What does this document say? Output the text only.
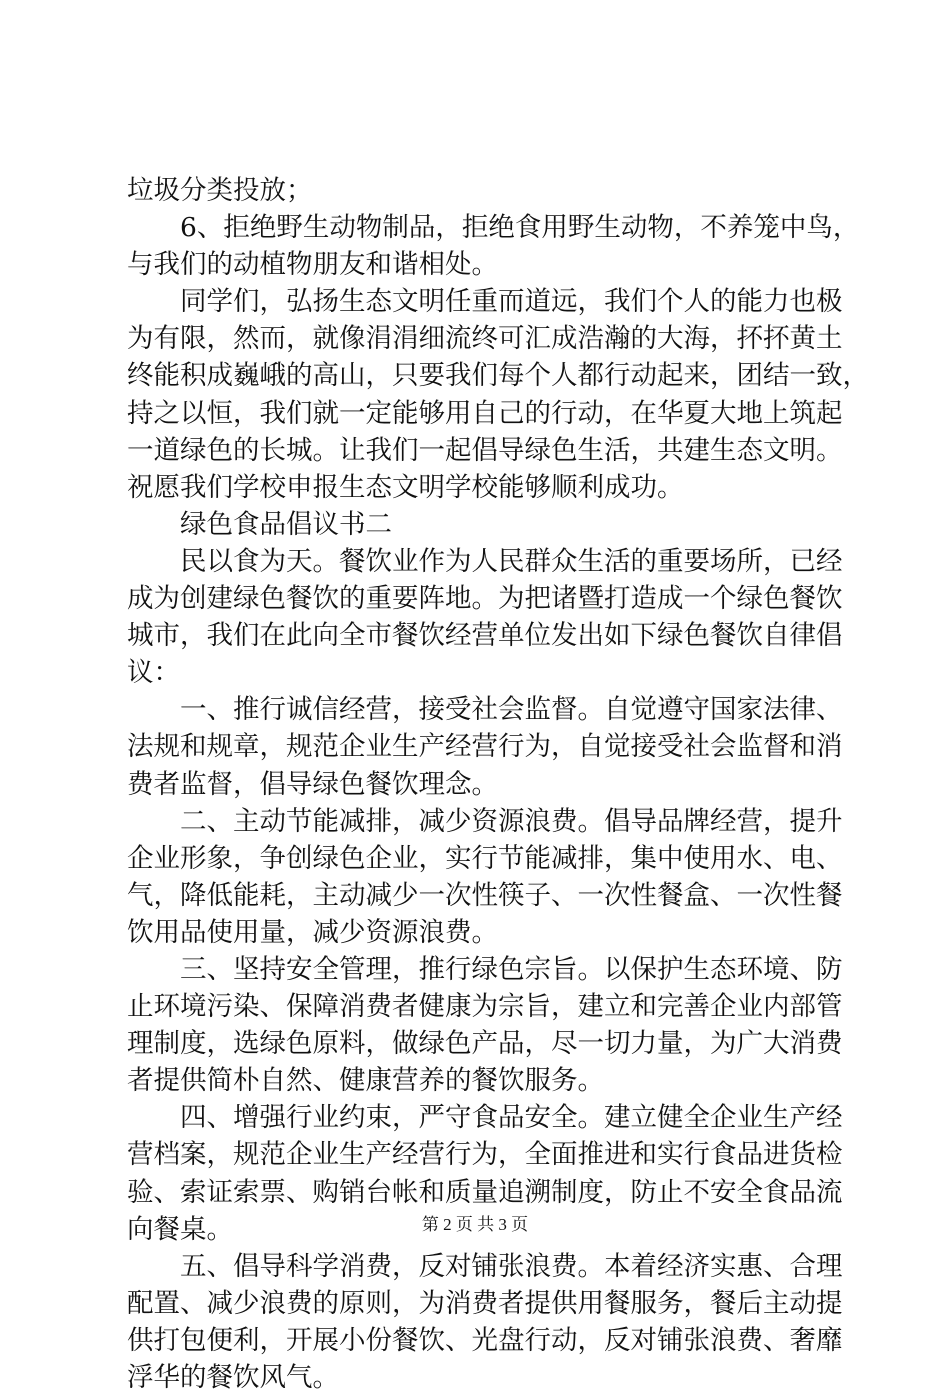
垃圾分类投放；
　　6、拒绝野生动物制品，拒绝食用野生动物，不养笼中鸟，
与我们的动植物朋友和谐相处。
　　同学们，弘扬生态文明任重而道远，我们个人的能力也极
为有限，然而，就像涓涓细流终可汇成浩瀚的大海，抔抔黄土
终能积成巍峨的高山，只要我们每个人都行动起来，团结一致，
持之以恒，我们就一定能够用自己的行动，在华夏大地上筑起
一道绿色的长城。让我们一起倡导绿色生活，共建生态文明。
祝愿我们学校申报生态文明学校能够顺利成功。
　　绿色食品倡议书二
　　民以食为天。餐饮业作为人民群众生活的重要场所，已经
成为创建绿色餐饮的重要阵地。为把诸暨打造成一个绿色餐饮
城市，我们在此向全市餐饮经营单位发出如下绿色餐饮自律倡
议：
　　一、推行诚信经营，接受社会监督。自觉遵守国家法律、
法规和规章，规范企业生产经营行为，自觉接受社会监督和消
费者监督，倡导绿色餐饮理念。
　　二、主动节能减排，减少资源浪费。倡导品牌经营，提升
企业形象，争创绿色企业，实行节能减排，集中使用水、电、
气，降低能耗，主动减少一次性筷子、一次性餐盒、一次性餐
饮用品使用量，减少资源浪费。
　　三、坚持安全管理，推行绿色宗旨。以保护生态环境、防
止环境污染、保障消费者健康为宗旨，建立和完善企业内部管
理制度，选绿色原料，做绿色产品，尽一切力量，为广大消费
者提供简朴自然、健康营养的餐饮服务。
　　四、增强行业约束，严守食品安全。建立健全企业生产经
营档案，规范企业生产经营行为，全面推进和实行食品进货检
验、索证索票、购销台帐和质量追溯制度，防止不安全食品流
向餐桌。
　　五、倡导科学消费，反对铺张浪费。本着经济实惠、合理
配置、减少浪费的原则，为消费者提供用餐服务，餐后主动提
供打包便利，开展小份餐饮、光盘行动，反对铺张浪费、奢靡
浮华的餐饮风气。
第 2 页 共 3 页
